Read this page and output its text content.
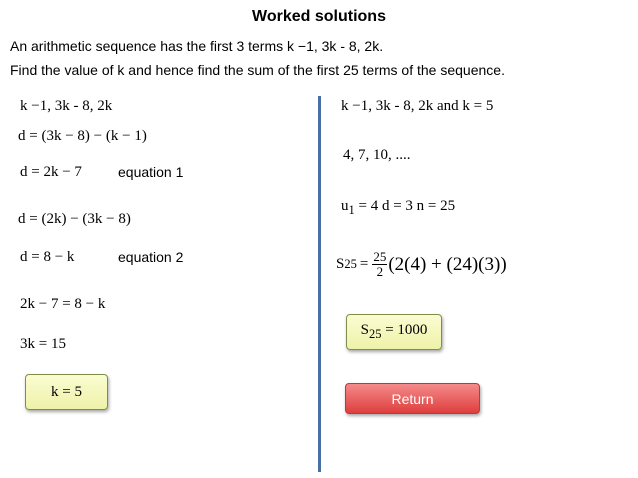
Worked solutions
An arithmetic sequence has the first 3 terms k −1, 3k - 8, 2k.
Find the value of k and hence find the sum of the first 25 terms of the sequence.
k −1, 3k - 8, 2k
d = (3k − 8) − (k − 1)
d = 2k − 7	equation 1
d = (2k) − (3k − 8)
d = 8 − k	equation 2
2k − 7 = 8 − k
3k = 15
k = 5
k −1, 3k - 8, 2k and k = 5
4, 7, 10, ....
$u_1 = 4$ d = 3 n = 25
S $25 = \frac{25}{2} (2(4) + (24)(3))$
$S_{25} = 1000$
Return
